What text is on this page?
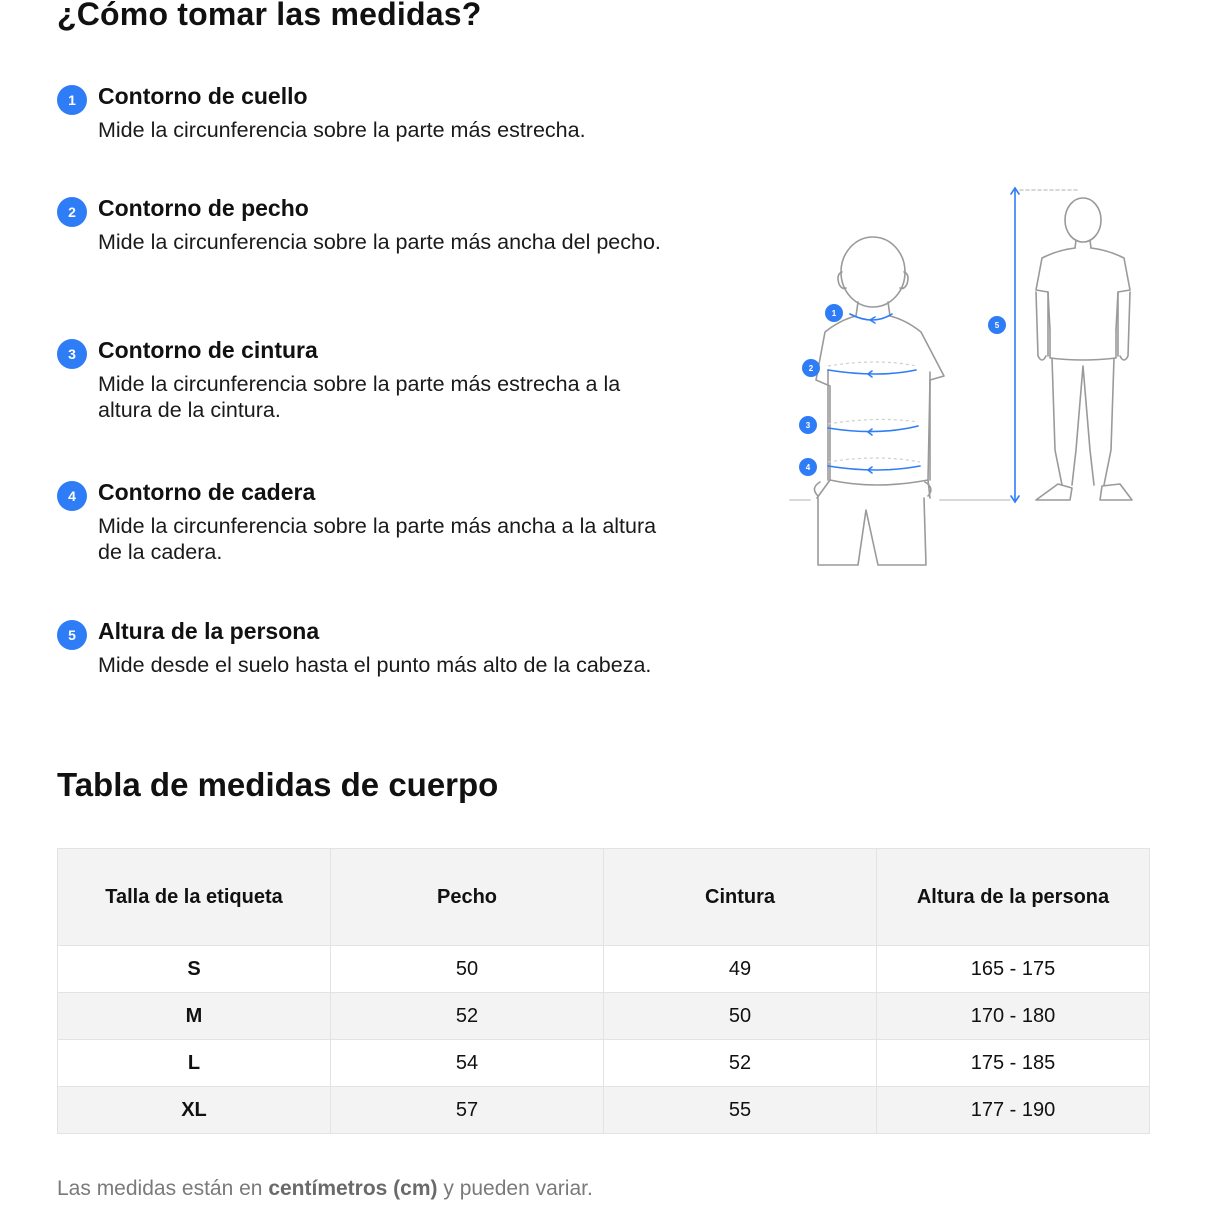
¿Cómo tomar las medidas?
1 Contorno de cuello
Mide la circunferencia sobre la parte más estrecha.
2 Contorno de pecho
Mide la circunferencia sobre la parte más ancha del pecho.
3 Contorno de cintura
Mide la circunferencia sobre la parte más estrecha a la altura de la cintura.
4 Contorno de cadera
Mide la circunferencia sobre la parte más ancha a la altura de la cadera.
5 Altura de la persona
Mide desde el suelo hasta el punto más alto de la cabeza.
1
2
3
4
5
Tabla de medidas de cuerpo
Talla de la etiqueta	Pecho	Cintura	Altura de la persona
S	50	49	165 - 175
M	52	50	170 - 180
L	54	52	175 - 185
XL	57	55	177 - 190

Las medidas están en centímetros (cm) y pueden variar.
